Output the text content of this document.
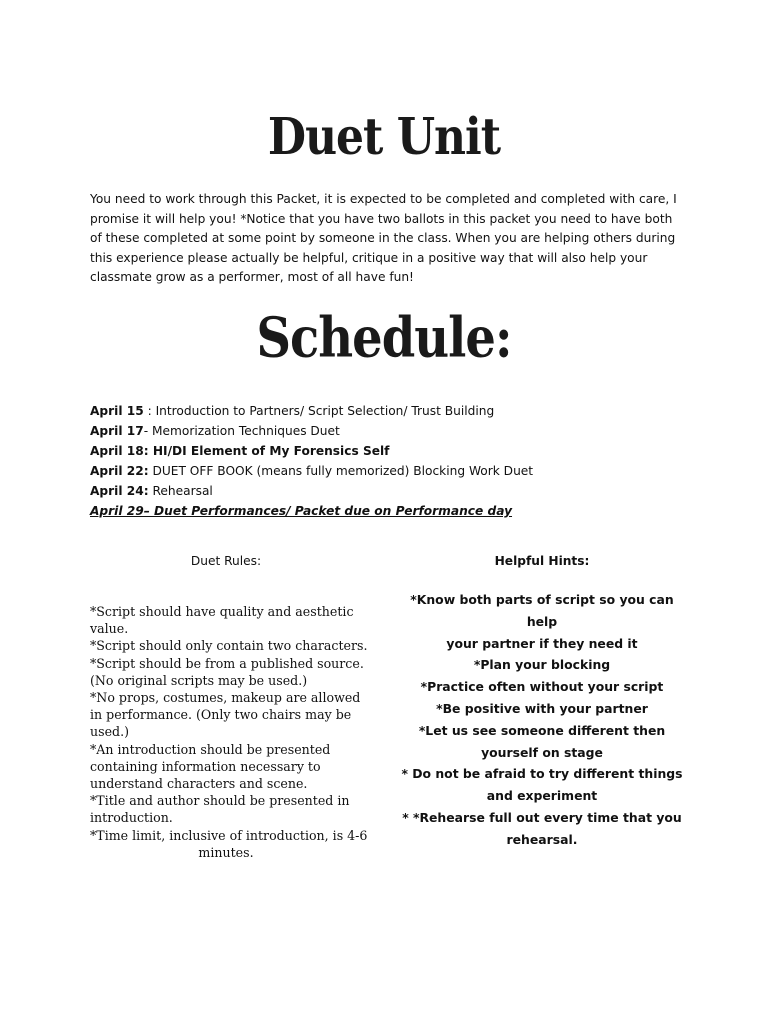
Duet Unit
You need to work through this Packet, it is expected to be completed and completed with care, I promise it will help you! *Notice that you have two ballots in this packet you need to have both of these completed at some point by someone in the class. When you are helping others during this experience please actually be helpful, critique in a positive way that will also help your classmate grow as a performer, most of all have fun!
Schedule:
April 15 : Introduction to Partners/ Script Selection/ Trust Building
April 17- Memorization Techniques Duet
April 18: HI/DI Element of My Forensics Self
April 22: DUET OFF BOOK (means fully memorized) Blocking Work Duet
April 24: Rehearsal
April 29– Duet Performances/ Packet due on Performance day
Duet Rules:	Helpful Hints:
*Script should have quality and aesthetic
value.
*Script should only contain two characters.
*Script should be from a published source.
(No original scripts may be used.)
*No props, costumes, makeup are allowed
in performance. (Only two chairs may be
used.)
*An introduction should be presented
containing information necessary to
understand characters and scene.
*Title and author should be presented in
introduction.
*Time limit, inclusive of introduction, is 4-6
minutes.
*Know both parts of script so you can help
your partner if they need it
*Plan your blocking
*Practice often without your script
*Be positive with your partner
*Let us see someone different then
yourself on stage
* Do not be afraid to try different things
and experiment
* *Rehearse full out every time that you
rehearsal.
